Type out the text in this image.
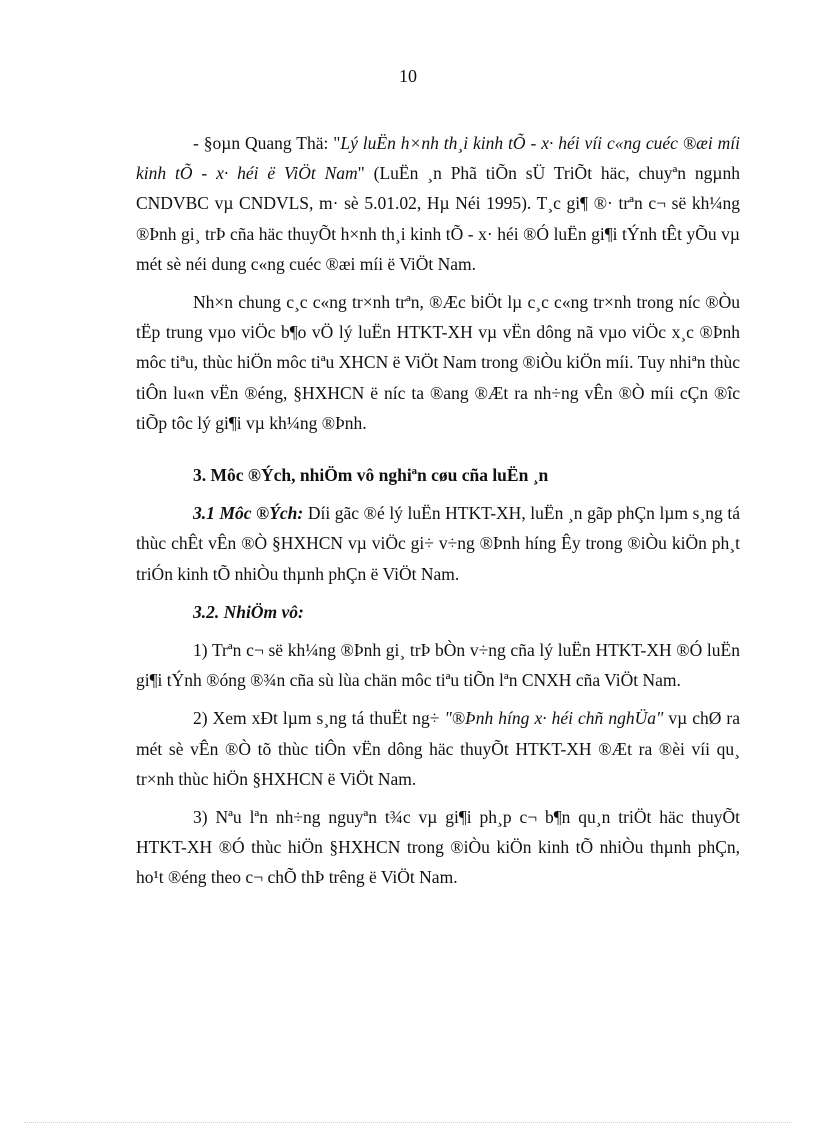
10

- §oµn Quang Thä: "Lý luËn h×nh th¸i kinh tÕ - x· héi víi c«ng cuéc ®æi míi kinh tÕ - x· héi ë ViÖt Nam" (LuËn ¸n Phã tiÕn sÜ TriÕt häc, chuyªn ngµnh CNDVBC vµ CNDVLS, m· sè 5.01.02, Hµ Néi 1995). T¸c gi¶ ®· trªn c¬ së kh¼ng ®Þnh gi¸ trÞ cña häc thuyÕt h×nh th¸i kinh tÕ - x· héi ®Ó luËn gi¶i tÝnh tÊt yÕu vµ mét sè néi dung c«ng cuéc ®æi míi ë ViÖt Nam.

Nh×n chung c¸c c«ng tr×nh trªn, ®Æc biÖt lµ c¸c c«ng tr×nh trong níc ®Òu tËp trung vµo viÖc b¶o vÖ lý luËn HTKT-XH vµ vËn dông nã vµo viÖc x¸c ®Þnh môc tiªu, thùc hiÖn môc tiªu XHCN ë ViÖt Nam trong ®iÒu kiÖn míi. Tuy nhiªn thùc tiÔn lu«n vËn ®éng, §HXHCN ë níc ta ®ang ®Æt ra nh÷ng vÊn ®Ò míi cÇn ®îc tiÕp tôc lý gi¶i vµ kh¼ng ®Þnh.

3. Môc ®Ých, nhiÖm vô nghiªn cøu cña luËn ¸n

3.1 Môc ®Ých: Díi gãc ®é lý luËn HTKT-XH, luËn ¸n gãp phÇn lµm s¸ng tá thùc chÊt vÊn ®Ò §HXHCN vµ viÖc gi÷ v÷ng ®Þnh híng Êy trong ®iÒu kiÖn ph¸t triÓn kinh tÕ nhiÒu thµnh phÇn ë ViÖt Nam.

3.2. NhiÖm vô:

1) Trªn c¬ së kh¼ng ®Þnh gi¸ trÞ bÒn v÷ng cña lý luËn HTKT-XH ®Ó luËn gi¶i tÝnh ®óng ®¾n cña sù lùa chän môc tiªu tiÕn lªn CNXH cña ViÖt Nam.

2) Xem xÐt lµm s¸ng tá thuËt ng÷ "®Þnh híng x· héi chñ nghÜa" vµ chØ ra mét sè vÊn ®Ò tõ thùc tiÔn vËn dông häc thuyÕt HTKT-XH ®Æt ra ®èi víi qu¸ tr×nh thùc hiÖn §HXHCN ë ViÖt Nam.

3) Nªu lªn nh÷ng nguyªn t¾c vµ gi¶i ph¸p c¬ b¶n qu¸n triÖt häc thuyÕt HTKT-XH ®Ó thùc hiÖn §HXHCN trong ®iÒu kiÖn kinh tÕ nhiÒu thµnh phÇn, ho¹t ®éng theo c¬ chÕ thÞ trêng ë ViÖt Nam.
